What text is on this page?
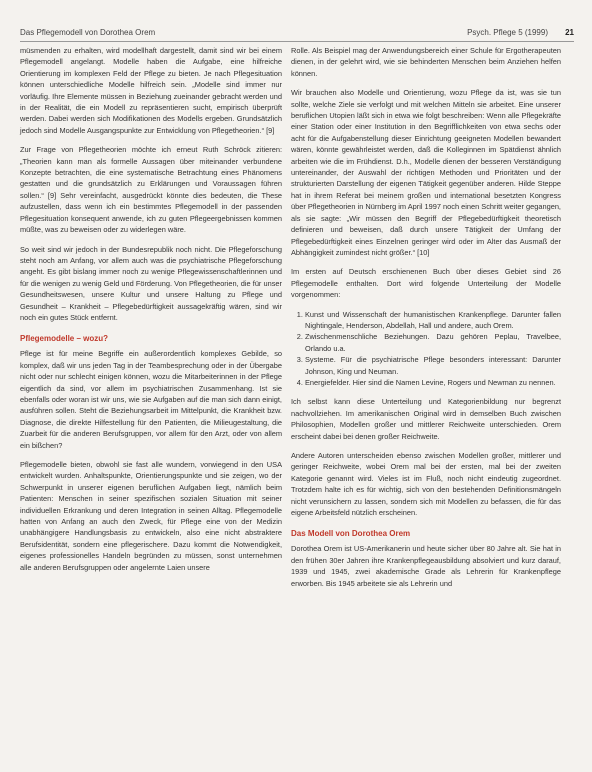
Das Pflegemodell von Dorothea Orem	Psych. Pflege 5 (1999) 21

müsmenden zu erhalten, wird modellhaft dargestellt, damit sind wir bei einem Pflegemodell angelangt. Modelle haben die Aufgabe, eine hilfreiche Orientierung im komplexen Feld der Pflege zu bieten. Je nach Pflegesituation können unterschiedliche Modelle hilfreich sein. „Modelle sind immer nur vorläufig. Ihre Elemente müssen in Beziehung zueinander gebracht werden und in der Realität, die ein Modell zu repräsentieren sucht, empirisch überprüft werden. Dabei werden sich Modifikationen des Modells ergeben. Grundsätzlich jedoch sind Modelle Ausgangspunkte zur Entwicklung von Pflegetheorien.“ [9]

Zur Frage von Pflegetheorien möchte ich erneut Ruth Schröck zitieren: „Theorien kann man als formelle Aussagen über miteinander verbundene Konzepte betrachten, die eine systematische Betrachtung eines Phänomens gestatten und die grundsätzlich zu Erklärungen und Voraussagen führen sollen.“ [9] Sehr vereinfacht, ausgedrückt könnte dies bedeuten, die These aufzustellen, dass wenn ich ein bestimmtes Pflegemodell in der passenden Pflegesituation konsequent anwende, ich zu guten Pflegeergebnissen kommen müßte, was zu beweisen oder zu widerlegen wäre.

So weit sind wir jedoch in der Bundesrepublik noch nicht. Die Pflegeforschung steht noch am Anfang, vor allem auch was die psychiatrische Pflegeforschung angeht. Es gibt bislang immer noch zu wenige Pflegewissenschaftlerinnen und für die wenigen zu wenig Geld und Förderung. Von Pflegetheorien, die für unser Gesundheitswesen, unsere Kultur und unsere Haltung zu Pflege und Gesundheit – Krankheit – Pflegebedürftigkeit aussagekräftig wären, sind wir noch ein gutes Stück entfernt.

Pflegemodelle – wozu?

Pflege ist für meine Begriffe ein außerordentlich komplexes Gebilde, so komplex, daß wir uns jeden Tag in der Teambesprechung oder in der Übergabe nicht oder nur schlecht einigen können, wozu die Mitarbeiterinnen in der Pflege eigentlich da sind, vor allem im psychiatrischen Zusammenhang. Ist sie ebenfalls oder woran ist wir uns, wie sie Aufgaben auf die man sich dann einigt, ausführen sollen. Steht die Beziehungsarbeit im Mittelpunkt, die Krankheit bzw. Diagnose, die direkte Hilfestellung für den Patienten, die Milieugestaltung, die Zuarbeit für die anderen Berufsgruppen, vor allem für den Arzt, oder von allem ein bißchen?

Pflegemodelle bieten, obwohl sie fast alle wundern, vorwiegend in den USA entwickelt wurden. Anhaltspunkte, Orientierungspunkte und sie zeigen, wo der Schwerpunkt in unserer eigenen beruflichen Aufgaben liegt, nämlich beim Patienten: Menschen in seiner spezifischen sozialen Situation mit seiner individuellen Erkrankung und deren Integration in seinen Alltag. Pflegemodelle hatten von Anfang an auch den Zweck, für Pflege eine von der Medizin unabhängigere Handlungsbasis zu entwickeln, also eine nicht abstraktere Berufsidentität, sondern eine pflegerischere. Dazu kommt die Notwendigkeit, eigenes professionelles Handeln begründen zu müssen, sonst unternehmen alle anderen Berufsgruppen oder angelernte Laien unsere

Rolle. Als Beispiel mag der Anwendungsbereich einer Schule für Ergotherapeuten dienen, in der gelehrt wird, wie sie behinderten Menschen beim Anziehen helfen können.

Wir brauchen also Modelle und Orientierung, wozu Pflege da ist, was sie tun sollte, welche Ziele sie verfolgt und mit welchen Mitteln sie arbeitet. Eine unserer beruflichen Utopien läßt sich in etwa wie folgt beschreiben: Wenn alle Pflegekräfte einer Station oder einer Institution in den Begrifflichkeiten von etwa sechs oder acht für die Aufgabenstellung dieser Einrichtung geeigneten Modellen bewandert wären, könnte gewährleistet werden, daß die Kolleginnen im Spätdienst ähnlich arbeiten wie die im Frühdienst. D.h., Modelle dienen der besseren Verständigung untereinander, der Auswahl der richtigen Methoden und Prioritäten und der strukturierten Darstellung der eigenen Tätigkeit gegenüber anderen. Hilde Steppe hat in ihrem Referat bei meinem großen und international besetzten Kongress über Pflegetheorien in Nürnberg im April 1997 noch einen Schritt weiter gegangen, als sie sagte: „Wir müssen den Begriff der Pflegebedürftigkeit theoretisch definieren und beweisen, daß durch unsere Tätigkeit der Umfang der Pflegebedürftigkeit eines Einzelnen geringer wird oder im Alter das Ausmaß der Abhängigkeit zumindest nicht größer.“ [10]

Im ersten auf Deutsch erschienenen Buch über dieses Gebiet sind 26 Pflegemodelle enthalten. Dort wird folgende Unterteilung der Modelle vorgenommen:

1. Kunst und Wissenschaft der humanistischen Krankenpflege. Darunter fallen Nightingale, Henderson, Abdellah, Hall und andere, auch Orem.
2. Zwischenmenschliche Beziehungen. Dazu gehören Peplau, Travelbee, Orlando u.a.
3. Systeme. Für die psychiatrische Pflege besonders interessant: Darunter Johnson, King und Neuman.
4. Energiefelder. Hier sind die Namen Levine, Rogers und Newman zu nennen.

Ich selbst kann diese Unterteilung und Kategorienbildung nur begrenzt nachvollziehen. Im amerikanischen Original wird in demselben Buch zwischen Philosophien, Modellen großer und mittlerer Reichweite unterschieden. Orem erscheint dabei bei denen großer Reichweite.

Andere Autoren unterscheiden ebenso zwischen Modellen großer, mittlerer und geringer Reichweite, wobei Orem mal bei der ersten, mal bei der zweiten Kategorie genannt wird. Vieles ist im Fluß, noch nicht eindeutig zugeordnet. Trotzdem halte ich es für wichtig, sich von den bestehenden Definitionsmängeln nicht verunsichern zu lassen, sondern sich mit Modellen zu befassen, die für das eigene Arbeitsfeld nützlich erscheinen.

Das Modell von Dorothea Orem

Dorothea Orem ist US-Amerikanerin und heute sicher über 80 Jahre alt. Sie hat in den frühen 30er Jahren ihre Krankenpflegeausbildung absolviert und kurz darauf, 1939 und 1945, zwei akademische Grade als Lehrerin für Krankenpflege erworben. Bis 1945 arbeitete sie als Lehrerin und
